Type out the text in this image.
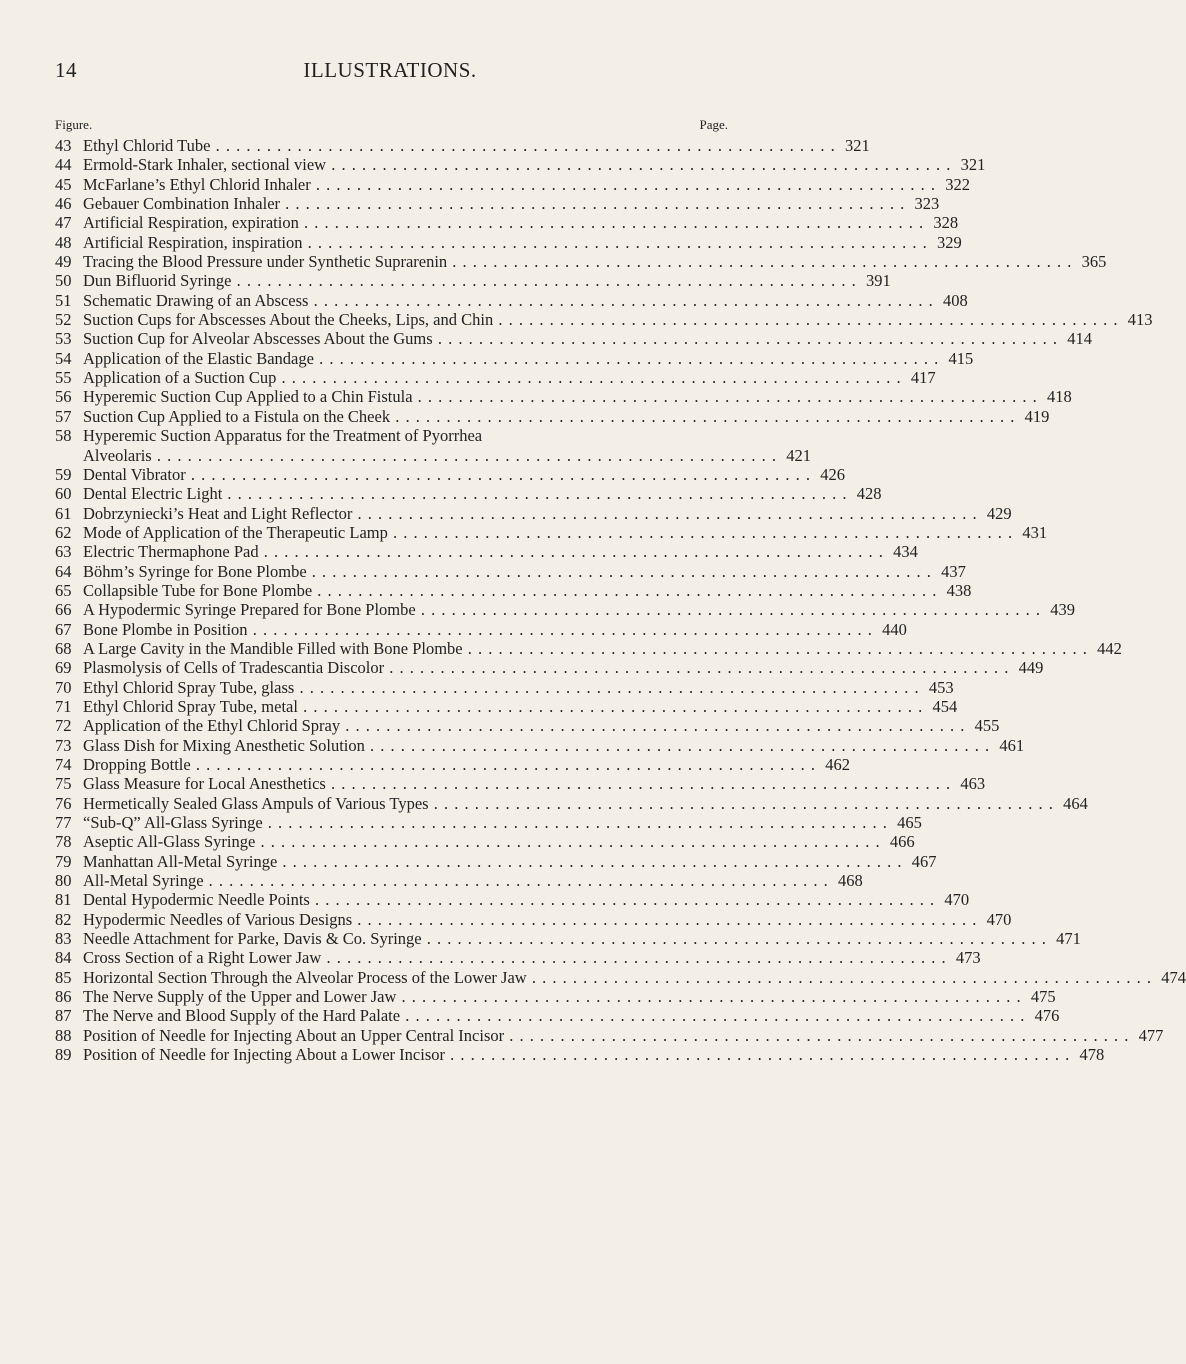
14	ILLUSTRATIONS.
Figure.	Page.
43 Ethyl Chlorid Tube . . .	321
44 Ermold-Stark Inhaler, sectional view . . .	321
45 McFarlane’s Ethyl Chlorid Inhaler . . .	322
46 Gebauer Combination Inhaler . . .	323
47 Artificial Respiration, expiration . . .	328
48 Artificial Respiration, inspiration . . .	329
49 Tracing the Blood Pressure under Synthetic Suprarenin . . .	365
50 Dun Bifluorid Syringe . . .	391
51 Schematic Drawing of an Abscess . . .	408
52 Suction Cups for Abscesses About the Cheeks, Lips, and Chin . . .	413
53 Suction Cup for Alveolar Abscesses About the Gums . . .	414
54 Application of the Elastic Bandage . . .	415
55 Application of a Suction Cup . . .	417
56 Hyperemic Suction Cup Applied to a Chin Fistula . . .	418
57 Suction Cup Applied to a Fistula on the Cheek . . .	419
58 Hyperemic Suction Apparatus for the Treatment of Pyorrhea
Alveolaris . . .	421
59 Dental Vibrator . . .	426
60 Dental Electric Light . . .	428
61 Dobrzyniecki’s Heat and Light Reflector . . .	429
62 Mode of Application of the Therapeutic Lamp . . .	431
63 Electric Thermaphone Pad . . .	434
64 Böhm’s Syringe for Bone Plombe . . .	437
65 Collapsible Tube for Bone Plombe . . .	438
66 A Hypodermic Syringe Prepared for Bone Plombe . . .	439
67 Bone Plombe in Position . . .	440
68 A Large Cavity in the Mandible Filled with Bone Plombe . . .	442
69 Plasmolysis of Cells of Tradescantia Discolor . . .	449
70 Ethyl Chlorid Spray Tube, glass . . .	453
71 Ethyl Chlorid Spray Tube, metal . . .	454
72 Application of the Ethyl Chlorid Spray . . .	455
73 Glass Dish for Mixing Anesthetic Solution . . .	461
74 Dropping Bottle . . .	462
75 Glass Measure for Local Anesthetics . . .	463
76 Hermetically Sealed Glass Ampuls of Various Types . . .	464
77 “Sub-Q” All-Glass Syringe . . .	465
78 Aseptic All-Glass Syringe . . .	466
79 Manhattan All-Metal Syringe . . .	467
80 All-Metal Syringe . . .	468
81 Dental Hypodermic Needle Points . . .	470
82 Hypodermic Needles of Various Designs . . .	470
83 Needle Attachment for Parke, Davis & Co. Syringe . . .	471
84 Cross Section of a Right Lower Jaw . . .	473
85 Horizontal Section Through the Alveolar Process of the Lower Jaw . . .	474
86 The Nerve Supply of the Upper and Lower Jaw . . .	475
87 The Nerve and Blood Supply of the Hard Palate . . .	476
88 Position of Needle for Injecting About an Upper Central Incisor . . .	477
89 Position of Needle for Injecting About a Lower Incisor . . .	478
